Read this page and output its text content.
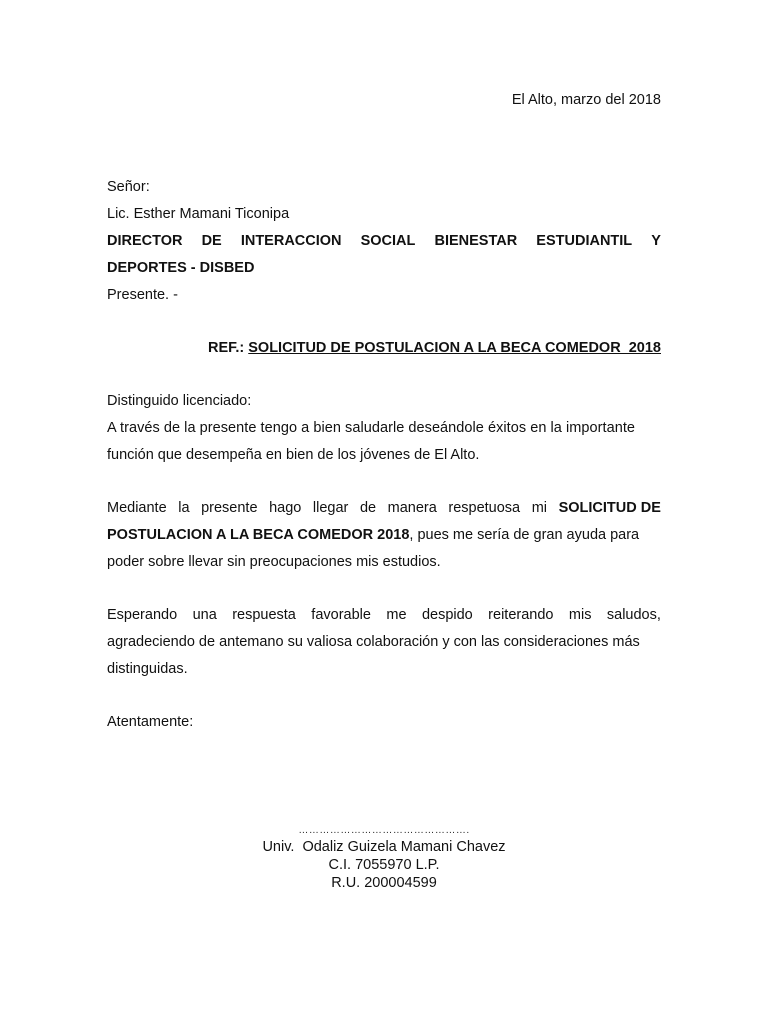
El Alto, marzo del 2018
Señor:
Lic. Esther Mamani Ticonipa
DIRECTOR DE INTERACCION SOCIAL BIENESTAR ESTUDIANTIL Y
DEPORTES - DISBED
Presente. -
REF.: SOLICITUD DE POSTULACION A LA BECA COMEDOR  2018
Distinguido licenciado:
A través de la presente tengo a bien saludarle deseándole éxitos en la importante
función que desempeña en bien de los jóvenes de El Alto.
Mediante la presente hago llegar de manera respetuosa mi SOLICITUD DE
POSTULACION A LA BECA COMEDOR 2018, pues me sería de gran ayuda para
poder sobre llevar sin preocupaciones mis estudios.
Esperando una respuesta favorable me despido reiterando mis saludos,
agradeciendo de antemano su valiosa colaboración y con las consideraciones más
distinguidas.
Atentamente:
………………………………………….
Univ.  Odaliz Guizela Mamani Chavez
C.I. 7055970 L.P.
R.U. 200004599
